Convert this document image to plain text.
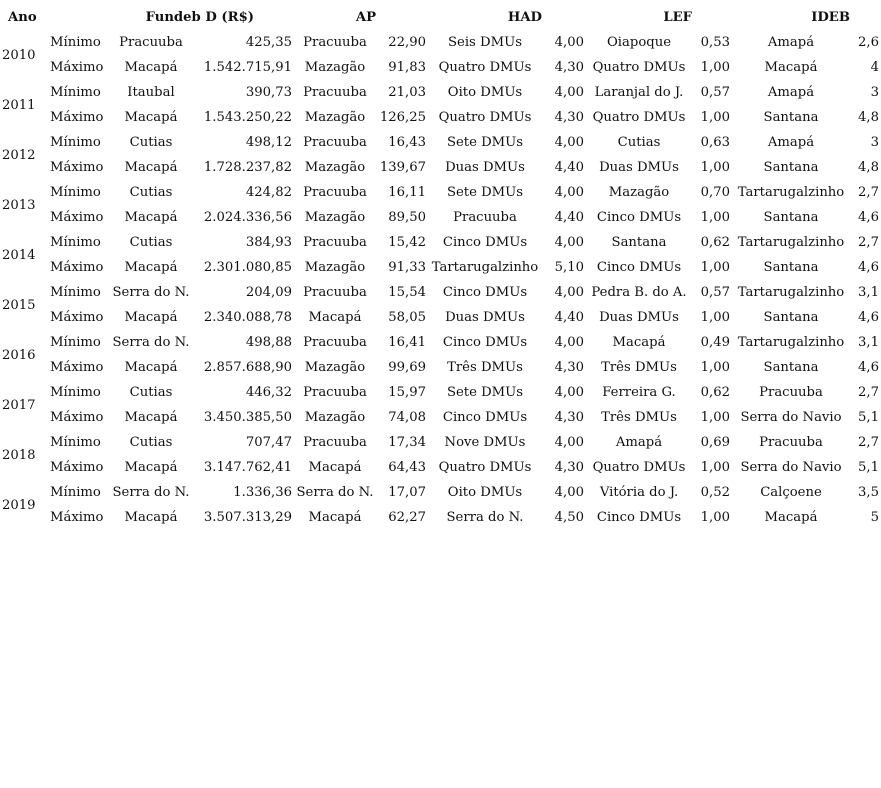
Ano		Fundeb D (R$)		AP		HAD		LEF		IDEB	
2010	Mínimo	Pracuuba	425,35	Pracuuba	22,90	Seis DMUs	4,00	Oiapoque	0,53	Amapá	2,6
	Máximo	Macapá	1.542.715,91	Mazagão	91,83	Quatro DMUs	4,30	Quatro DMUs	1,00	Macapá	4
2011	Mínimo	Itaubal	390,73	Pracuuba	21,03	Oito DMUs	4,00	Laranjal do J.	0,57	Amapá	3
	Máximo	Macapá	1.543.250,22	Mazagão	126,25	Quatro DMUs	4,30	Quatro DMUs	1,00	Santana	4,8
2012	Mínimo	Cutias	498,12	Pracuuba	16,43	Sete DMUs	4,00	Cutias	0,63	Amapá	3
	Máximo	Macapá	1.728.237,82	Mazagão	139,67	Duas DMUs	4,40	Duas DMUs	1,00	Santana	4,8
2013	Mínimo	Cutias	424,82	Pracuuba	16,11	Sete DMUs	4,00	Mazagão	0,70	Tartarugalzinho	2,7
	Máximo	Macapá	2.024.336,56	Mazagão	89,50	Pracuuba	4,40	Cinco DMUs	1,00	Santana	4,6
2014	Mínimo	Cutias	384,93	Pracuuba	15,42	Cinco DMUs	4,00	Santana	0,62	Tartarugalzinho	2,7
	Máximo	Macapá	2.301.080,85	Mazagão	91,33	Tartarugalzinho	5,10	Cinco DMUs	1,00	Santana	4,6
2015	Mínimo	Serra do N.	204,09	Pracuuba	15,54	Cinco DMUs	4,00	Pedra B. do A.	0,57	Tartarugalzinho	3,1
	Máximo	Macapá	2.340.088,78	Macapá	58,05	Duas DMUs	4,40	Duas DMUs	1,00	Santana	4,6
2016	Mínimo	Serra do N.	498,88	Pracuuba	16,41	Cinco DMUs	4,00	Macapá	0,49	Tartarugalzinho	3,1
	Máximo	Macapá	2.857.688,90	Mazagão	99,69	Três DMUs	4,30	Três DMUs	1,00	Santana	4,6
2017	Mínimo	Cutias	446,32	Pracuuba	15,97	Sete DMUs	4,00	Ferreira G.	0,62	Pracuuba	2,7
	Máximo	Macapá	3.450.385,50	Mazagão	74,08	Cinco DMUs	4,30	Três DMUs	1,00	Serra do Navio	5,1
2018	Mínimo	Cutias	707,47	Pracuuba	17,34	Nove DMUs	4,00	Amapá	0,69	Pracuuba	2,7
	Máximo	Macapá	3.147.762,41	Macapá	64,43	Quatro DMUs	4,30	Quatro DMUs	1,00	Serra do Navio	5,1
2019	Mínimo	Serra do N.	1.336,36	Serra do N.	17,07	Oito DMUs	4,00	Vitória do J.	0,52	Calçoene	3,5
	Máximo	Macapá	3.507.313,29	Macapá	62,27	Serra do N.	4,50	Cinco DMUs	1,00	Macapá	5
